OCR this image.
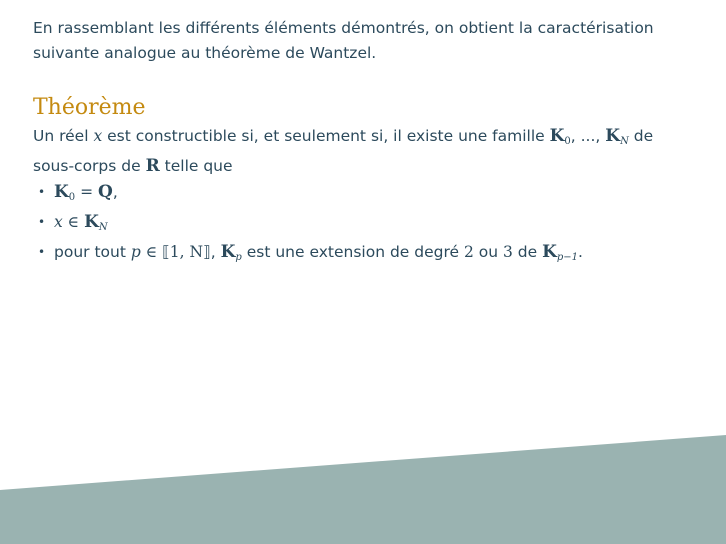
En rassemblant les différents éléments démontrés, on obtient la caractérisation suivante analogue au théorème de Wantzel.
Théorème
Un réel x est constructible si, et seulement si, il existe une famille $K_0$, ..., $K_N$ de sous-corps de R telle que
• $K_0 = Q$,
• x ∈ $K_N$
• pour tout p ∈ ⟦1, N⟧, $K_p$ est une extension de degré 2 ou 3 de $K_{p-1}$.
